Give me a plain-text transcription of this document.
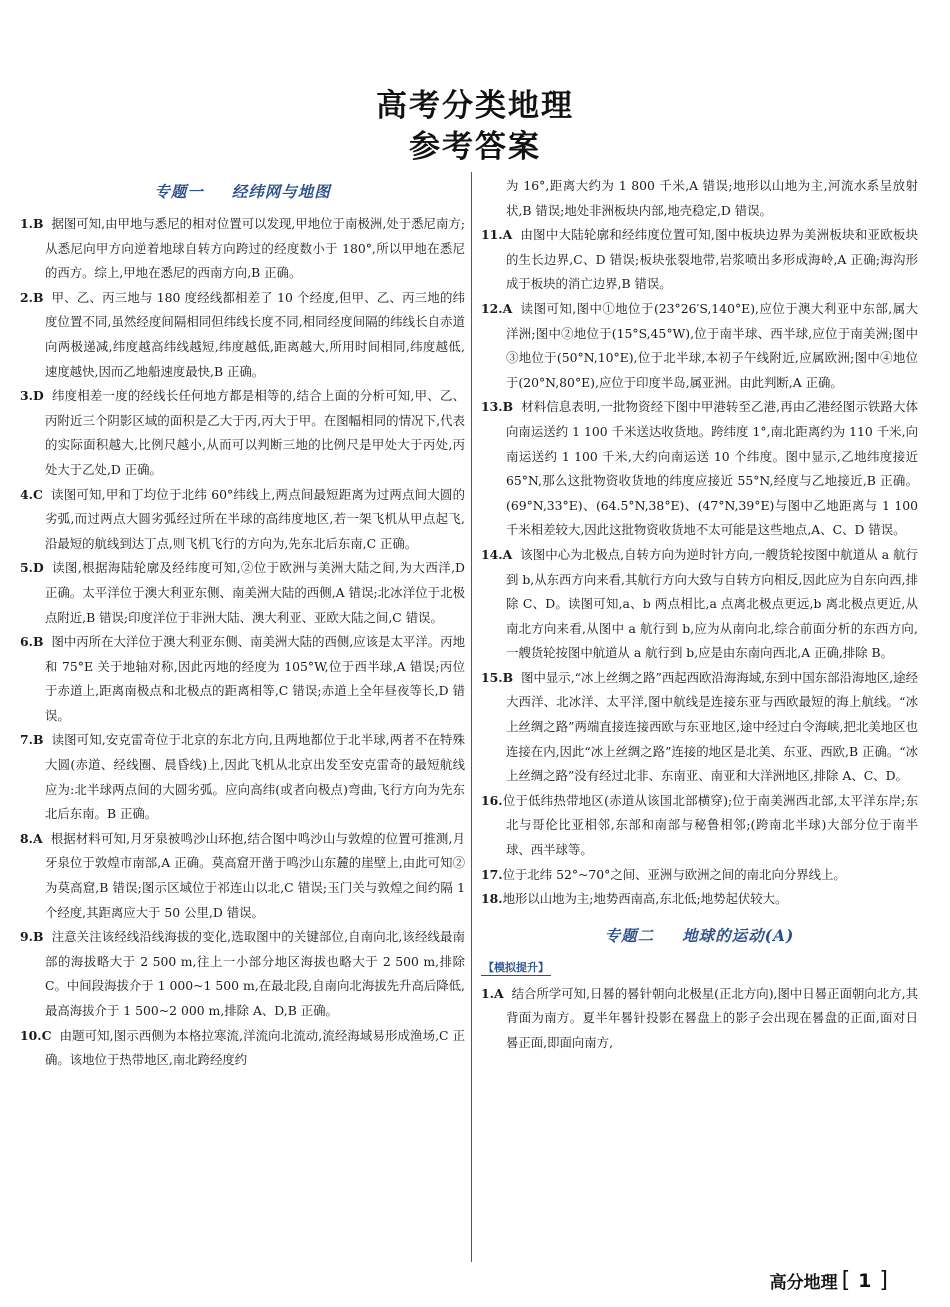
高考分类地理
参考答案
专题一 经纬网与地图

1.B 据图可知,由甲地与悉尼的相对位置可以发现,甲地位于南极洲,处于悉尼南方;从悉尼向甲方向逆着地球自转方向跨过的经度数小于 180°,所以甲地在悉尼的西方。综上,甲地在悉尼的西南方向,B 正确。

2.B 甲、乙、丙三地与 180 度经线都相差了 10 个经度,但甲、乙、丙三地的纬度位置不同,虽然经度间隔相同但纬线长度不同,相同经度间隔的纬线长自赤道向两极递减,纬度越高纬线越短,纬度越低,距离越大,所用时间相同,纬度越低,速度越快,因而乙地船速度最快,B 正确。

3.D 纬度相差一度的经线长任何地方都是相等的,结合上面的分析可知,甲、乙、丙附近三个阴影区域的面积是乙大于丙,丙大于甲。在图幅相同的情况下,代表的实际面积越大,比例尺越小,从而可以判断三地的比例尺是甲处大于丙处,丙处大于乙处,D 正确。

4.C 读图可知,甲和丁均位于北纬 60°纬线上,两点间最短距离为过两点间大圆的劣弧,而过两点大圆劣弧经过所在半球的高纬度地区,若一架飞机从甲点起飞,沿最短的航线到达丁点,则飞机飞行的方向为,先东北后东南,C 正确。

5.D 读图,根据海陆轮廓及经纬度可知,②位于欧洲与美洲大陆之间,为大西洋,D 正确。太平洋位于澳大利亚东侧、南美洲大陆的西侧,A 错误;北冰洋位于北极点附近,B 错误;印度洋位于非洲大陆、澳大利亚、亚欧大陆之间,C 错误。

6.B 图中丙所在大洋位于澳大利亚东侧、南美洲大陆的西侧,应该是太平洋。丙地和 75°E 关于地轴对称,因此丙地的经度为 105°W,位于西半球,A 错误;丙位于赤道上,距离南极点和北极点的距离相等,C 错误;赤道上全年昼夜等长,D 错误。

7.B 读图可知,安克雷奇位于北京的东北方向,且两地都位于北半球,两者不在特殊大圆(赤道、经线圈、晨昏线)上,因此飞机从北京出发至安克雷奇的最短航线应为:北半球两点间的大圆劣弧。应向高纬(或者向极点)弯曲,飞行方向为先东北后东南。B 正确。

8.A 根据材料可知,月牙泉被鸣沙山环抱,结合图中鸣沙山与敦煌的位置可推测,月牙泉位于敦煌市南部,A 正确。莫高窟开凿于鸣沙山东麓的崖壁上,由此可知②为莫高窟,B 错误;图示区域位于祁连山以北,C 错误;玉门关与敦煌之间约隔 1 个经度,其距离应大于 50 公里,D 错误。

9.B 注意关注该经线沿线海拔的变化,选取图中的关键部位,自南向北,该经线最南部的海拔略大于 2 500 m,往上一小部分地区海拔也略大于 2 500 m,排除 C。中间段海拔介于 1 000~1 500 m,在最北段,自南向北海拔先升高后降低,最高海拔介于 1 500~2 000 m,排除 A、D,B 正确。

10.C 由题可知,图示西侧为本格拉寒流,洋流向北流动,流经海域易形成渔场,C 正确。该地位于热带地区,南北跨经度约

为 16°,距离大约为 1 800 千米,A 错误;地形以山地为主,河流水系呈放射状,B 错误;地处非洲板块内部,地壳稳定,D 错误。

11.A 由图中大陆轮廓和经纬度位置可知,图中板块边界为美洲板块和亚欧板块的生长边界,C、D 错误;板块张裂地带,岩浆喷出多形成海岭,A 正确;海沟形成于板块的消亡边界,B 错误。

12.A 读图可知,图中①地位于(23°26′S,140°E),应位于澳大利亚中东部,属大洋洲;图中②地位于(15°S,45°W),位于南半球、西半球,应位于南美洲;图中③地位于(50°N,10°E),位于北半球,本初子午线附近,应属欧洲;图中④地位于(20°N,80°E),应位于印度半岛,属亚洲。由此判断,A 正确。

13.B 材料信息表明,一批物资经下图中甲港转至乙港,再由乙港经图示铁路大体向南运送约 1 100 千米送达收货地。跨纬度 1°,南北距离约为 110 千米,向南运送约 1 100 千米,大约向南运送 10 个纬度。图中显示,乙地纬度接近 65°N,那么这批物资收货地的纬度应接近 55°N,经度与乙地接近,B 正确。(69°N,33°E)、(64.5°N,38°E)、(47°N,39°E)与图中乙地距离与 1 100 千米相差较大,因此这批物资收货地不太可能是这些地点,A、C、D 错误。

14.A 该图中心为北极点,自转方向为逆时针方向,一艘货轮按图中航道从 a 航行到 b,从东西方向来看,其航行方向大致与自转方向相反,因此应为自东向西,排除 C、D。读图可知,a、b 两点相比,a 点离北极点更远,b 离北极点更近,从南北方向来看,从图中 a 航行到 b,应为从南向北,综合前面分析的东西方向,一艘货轮按图中航道从 a 航行到 b,应是由东南向西北,A 正确,排除 B。

15.B 图中显示,“冰上丝绸之路”西起西欧沿海海域,东到中国东部沿海地区,途经大西洋、北冰洋、太平洋,图中航线是连接东亚与西欧最短的海上航线。“冰上丝绸之路”两端直接连接西欧与东亚地区,途中经过白令海峡,把北美地区也连接在内,因此“冰上丝绸之路”连接的地区是北美、东亚、西欧,B 正确。“冰上丝绸之路”没有经过北非、东南亚、南亚和大洋洲地区,排除 A、C、D。

16.位于低纬热带地区(赤道从该国北部横穿);位于南美洲西北部,太平洋东岸;东北与哥伦比亚相邻,东部和南部与秘鲁相邻;(跨南北半球)大部分位于南半球、西半球等。

17.位于北纬 52°~70°之间、亚洲与欧洲之间的南北向分界线上。

18.地形以山地为主;地势西南高,东北低;地势起伏较大。

专题二 地球的运动(A)
【模拟提升】

1.A 结合所学可知,日晷的晷针朝向北极星(正北方向),图中日晷正面朝向北方,其背面为南方。夏半年晷针投影在晷盘上的影子会出现在晷盘的正面,面对日晷正面,即面向南方,

高分地理 [ 1 ]
